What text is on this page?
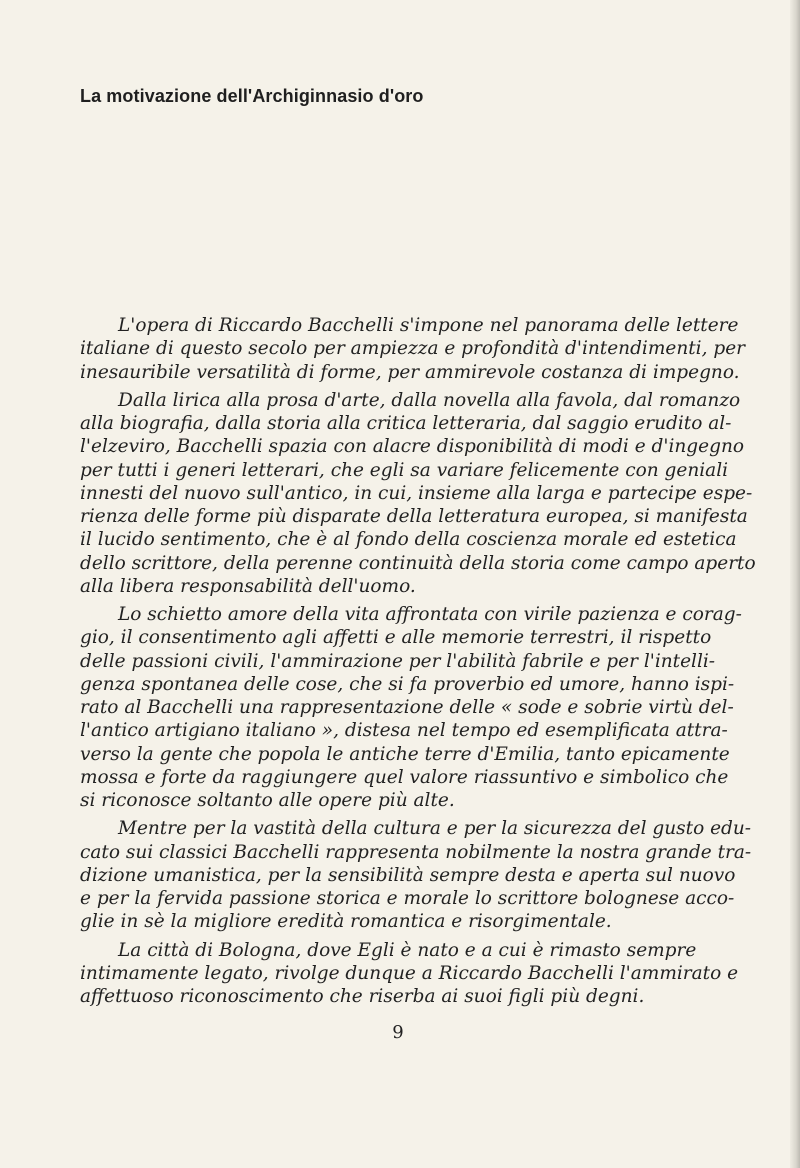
La motivazione dell'Archiginnasio d'oro
L'opera di Riccardo Bacchelli s'impone nel panorama delle lettere
italiane di questo secolo per ampiezza e profondità d'intendimenti, per
inesauribile versatilità di forme, per ammirevole costanza di impegno.
Dalla lirica alla prosa d'arte, dalla novella alla favola, dal romanzo
alla biografia, dalla storia alla critica letteraria, dal saggio erudito al-
l'elzeviro, Bacchelli spazia con alacre disponibilità di modi e d'ingegno
per tutti i generi letterari, che egli sa variare felicemente con geniali
innesti del nuovo sull'antico, in cui, insieme alla larga e partecipe espe-
rienza delle forme più disparate della letteratura europea, si manifesta
il lucido sentimento, che è al fondo della coscienza morale ed estetica
dello scrittore, della perenne continuità della storia come campo aperto
alla libera responsabilità dell'uomo.
Lo schietto amore della vita affrontata con virile pazienza e corag-
gio, il consentimento agli affetti e alle memorie terrestri, il rispetto
delle passioni civili, l'ammirazione per l'abilità fabrile e per l'intelli-
genza spontanea delle cose, che si fa proverbio ed umore, hanno ispi-
rato al Bacchelli una rappresentazione delle « sode e sobrie virtù del-
l'antico artigiano italiano », distesa nel tempo ed esemplificata attra-
verso la gente che popola le antiche terre d'Emilia, tanto epicamente
mossa e forte da raggiungere quel valore riassuntivo e simbolico che
si riconosce soltanto alle opere più alte.
Mentre per la vastità della cultura e per la sicurezza del gusto edu-
cato sui classici Bacchelli rappresenta nobilmente la nostra grande tra-
dizione umanistica, per la sensibilità sempre desta e aperta sul nuovo
e per la fervida passione storica e morale lo scrittore bolognese acco-
glie in sè la migliore eredità romantica e risorgimentale.
La città di Bologna, dove Egli è nato e a cui è rimasto sempre
intimamente legato, rivolge dunque a Riccardo Bacchelli l'ammirato e
affettuoso riconoscimento che riserba ai suoi figli più degni.
9
